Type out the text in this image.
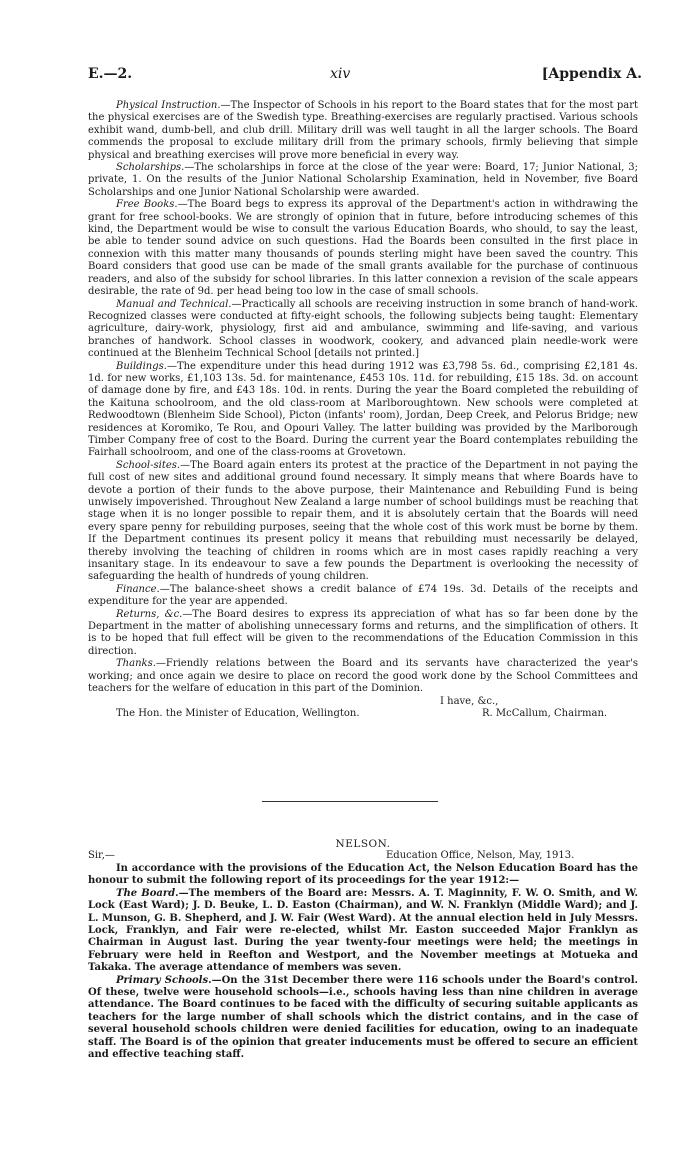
E.—2.	xiv	[Appendix A.

Physical Instruction.—The Inspector of Schools in his report to the Board states that for the most part the physical exercises are of the Swedish type. Breathing-exercises are regularly practised. Various schools exhibit wand, dumb-bell, and club drill. Military drill was well taught in all the larger schools. The Board commends the proposal to exclude military drill from the primary schools, firmly believing that simple physical and breathing exercises will prove more beneficial in every way.

Scholarships.—The scholarships in force at the close of the year were: Board, 17; Junior National, 3; private, 1. On the results of the Junior National Scholarship Examination, held in November, five Board Scholarships and one Junior National Scholarship were awarded.

Free Books.—The Board begs to express its approval of the Department's action in withdrawing the grant for free school-books. We are strongly of opinion that in future, before introducing schemes of this kind, the Department would be wise to consult the various Education Boards, who should, to say the least, be able to tender sound advice on such questions. Had the Boards been consulted in the first place in connexion with this matter many thousands of pounds sterling might have been saved the country. This Board considers that good use can be made of the small grants available for the purchase of continuous readers, and also of the subsidy for school libraries. In this latter connexion a revision of the scale appears desirable, the rate of 9d. per head being too low in the case of small schools.

Manual and Technical.—Practically all schools are receiving instruction in some branch of hand-work. Recognized classes were conducted at fifty-eight schools, the following subjects being taught: Elementary agriculture, dairy-work, physiology, first aid and ambulance, swimming and life-saving, and various branches of handwork. School classes in woodwork, cookery, and advanced plain needle-work were continued at the Blenheim Technical School [details not printed.]

Buildings.—The expenditure under this head during 1912 was £3,798 5s. 6d., comprising £2,181 4s. 1d. for new works, £1,103 13s. 5d. for maintenance, £453 10s. 11d. for rebuilding, £15 18s. 3d. on account of damage done by fire, and £43 18s. 10d. in rents. During the year the Board completed the rebuilding of the Kaituna schoolroom, and the old class-room at Marlboroughtown. New schools were completed at Redwoodtown (Blenheim Side School), Picton (infants' room), Jordan, Deep Creek, and Pelorus Bridge; new residences at Koromiko, Te Rou, and Opouri Valley. The latter building was provided by the Marlborough Timber Company free of cost to the Board. During the current year the Board contemplates rebuilding the Fairhall schoolroom, and one of the class-rooms at Grovetown.

School-sites.—The Board again enters its protest at the practice of the Department in not paying the full cost of new sites and additional ground found necessary. It simply means that where Boards have to devote a portion of their funds to the above purpose, their Maintenance and Rebuilding Fund is being unwisely impoverished. Throughout New Zealand a large number of school buildings must be reaching that stage when it is no longer possible to repair them, and it is absolutely certain that the Boards will need every spare penny for rebuilding purposes, seeing that the whole cost of this work must be borne by them. If the Department continues its present policy it means that rebuilding must necessarily be delayed, thereby involving the teaching of children in rooms which are in most cases rapidly reaching a very insanitary stage. In its endeavour to save a few pounds the Department is overlooking the necessity of safeguarding the health of hundreds of young children.

Finance.—The balance-sheet shows a credit balance of £74 19s. 3d. Details of the receipts and expenditure for the year are appended.

Returns, &c.—The Board desires to express its appreciation of what has so far been done by the Department in the matter of abolishing unnecessary forms and returns, and the simplification of others. It is to be hoped that full effect will be given to the recommendations of the Education Commission in this direction.

Thanks.—Friendly relations between the Board and its servants have characterized the year's working; and once again we desire to place on record the good work done by the School Committees and teachers for the welfare of education in this part of the Dominion.

I have, &c.,
The Hon. the Minister of Education, Wellington.	R. McCallum, Chairman.
NELSON.
Sir,—	Education Office, Nelson, May, 1913.

In accordance with the provisions of the Education Act, the Nelson Education Board has the honour to submit the following report of its proceedings for the year 1912:—

The Board.—The members of the Board are: Messrs. A. T. Maginnity, F. W. O. Smith, and W. Lock (East Ward); J. D. Beuke, L. D. Easton (Chairman), and W. N. Franklyn (Middle Ward); and J. L. Munson, G. B. Shepherd, and J. W. Fair (West Ward). At the annual election held in July Messrs. Lock, Franklyn, and Fair were re-elected, whilst Mr. Easton succeeded Major Franklyn as Chairman in August last. During the year twenty-four meetings were held; the meetings in February were held in Reefton and Westport, and the November meetings at Motueka and Takaka. The average attendance of members was seven.

Primary Schools.—On the 31st December there were 116 schools under the Board's control. Of these, twelve were household schools—i.e., schools having less than nine children in average attendance. The Board continues to be faced with the difficulty of securing suitable applicants as teachers for the large number of shall schools which the district contains, and in the case of several household schools children were denied facilities for education, owing to an inadequate staff. The Board is of the opinion that greater inducements must be offered to secure an efficient and effective teaching staff.
